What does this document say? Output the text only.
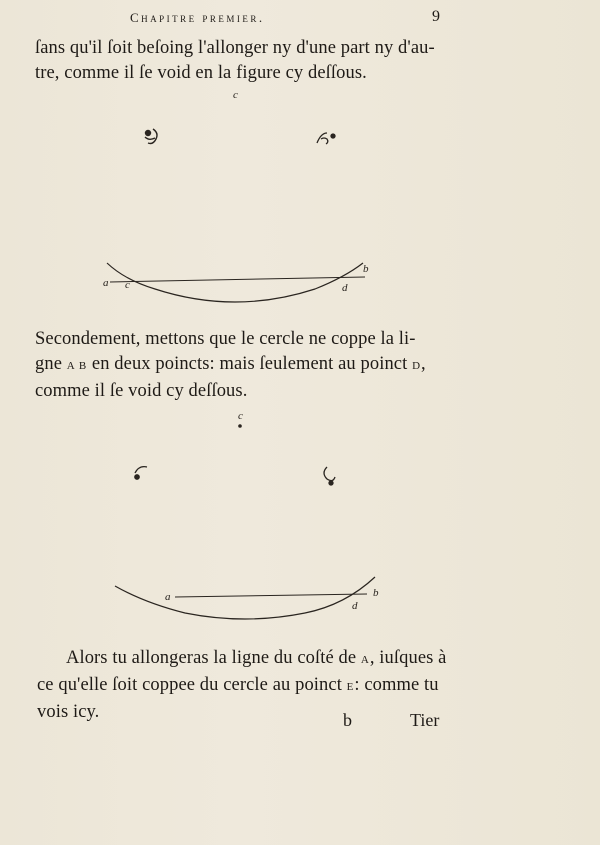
Chapitre premier.	9

ſans qu'il ſoit beſoing l'allonger ny d'une part ny d'au-
tre, comme il ſe void en la figure cy deſſous.

c
a c
b
d

Secondement, mettons que le cercle ne coppe la li-
gne A B en deux poincts: mais ſeulement au poinct D,
comme il ſe void cy deſſous.

c
a	b
d

Alors tu allongeras la ligne du coſté de A, iuſques à
ce qu'elle ſoit coppee du cercle au poinct E: comme tu
vois icy.	b	Tier
